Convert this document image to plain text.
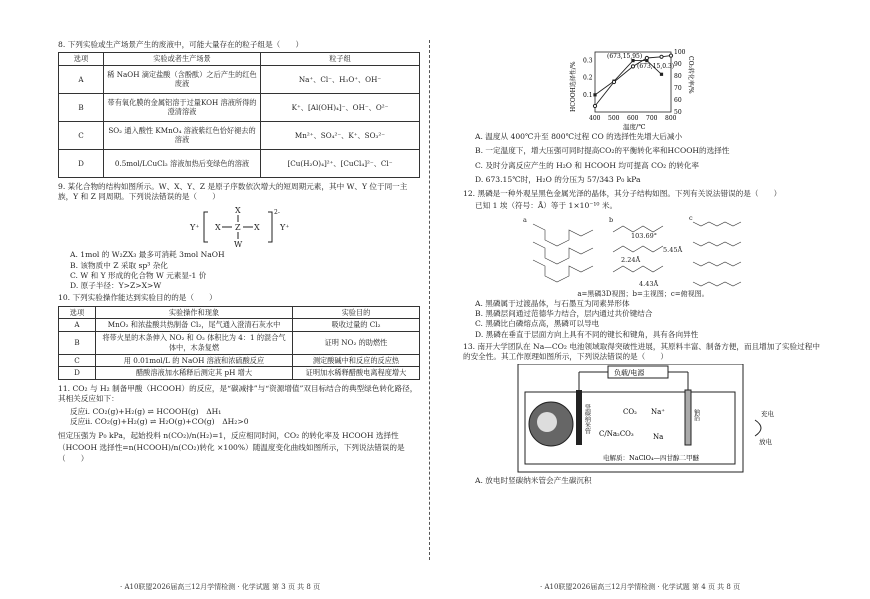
8. 下列实验或生产场景产生的废液中，可能大量存在的粒子组是（　　）
选项	实验或者生产场景	粒子组
A	稀 NaOH 滴定盐酸（含酚酞）之后产生的红色废液	Na⁺、Cl⁻、H₃O⁺、OH⁻
B	带有氧化膜的金属铝溶于过量KOH 溶液所得的澄清溶液	K⁺、[Al(OH)₄]⁻、OH⁻、O²⁻
C	SO₂ 通入酸性 KMnO₄ 溶液紫红色恰好褪去的溶液	Mn²⁺、SO₄²⁻、K⁺、SO₃²⁻
D	0.5mol/LCuCl₂ 溶液加热后变绿色的溶液	[Cu(H₂O)₄]²⁺、[CuCl₄]²⁻、Cl⁻
9. 某化合物的结构如图所示。W、X、Y、Z 是原子序数依次增大的短周期元素，其中 W、Y 位于同一主族，Y 和 Z 同周期。下列说法错误的是（　　）
Y⁺
X
X Z X
W
2-
Y⁺
A. 1mol 的 W₂ZX₃ 最多可消耗 3mol NaOH
B. 该物质中 Z 采取 sp³ 杂化
C. W 和 Y 形成的化合物 W 元素显-1 价
D. 原子半径：Y>Z>X>W
10. 下列实验操作能达到实验目的的是（　　）
选项	实验操作和现象	实验目的
A	MnO₂ 和浓盐酸共热制备 Cl₂，尾气通入澄清石灰水中	吸收过量的 Cl₂
B	将带火星的木条伸入 NO₂ 和 O₂ 体积比为 4：1 的混合气体中，木条复燃	证明 NO₂ 的助燃性
C	用 0.01mol/L 的 NaOH 溶液和浓硫酸反应	测定酸碱中和反应的反应热
D	醋酸溶液加水稀释后测定其 pH 增大	证明加水稀释醋酸电离程度增大
11. CO₂ 与 H₂ 制备甲酸（HCOOH）的反应，是“碳减排”与“资源增值”双目标结合的典型绿色转化路径，其相关反应如下：
反应i. CO₂(g)+H₂(g) ⇌ HCOOH(g)　ΔH₁
反应ii. CO₂(g)+H₂(g) ⇌ H₂O(g)+CO(g)　ΔH₂>0
恒定压强为 P₀ kPa，起始投料 n(CO₂)/n(H₂)=1，反应相同时间，CO₂ 的转化率及 HCOOH 选择性
（HCOOH 选择性=n(HCOOH)/n(CO₂)转化 ×100%）随温度变化曲线如图所示，下列说法错误的是（　　）
400 500 600 700 800
0.1
0.2
0.3
50
60
70
80
90
100
温度/℃
HCOOH选择性/%	CO₂转化率/%
(673,15,95)
(673,15,0.3)
A. 温度从 400℃升至 800℃过程 CO 的选择性先增大后减小
B. 一定温度下，增大压强可同时提高CO₂的平衡转化率和HCOOH的选择性
C. 及时分离反应产生的 H₂O 和 HCOOH 均可提高 CO₂ 的转化率
D. 673.15℃时，H₂O 的分压为 57/343 P₀ kPa
12. 黑磷是一种外观呈黑色金属光泽的晶体，其分子结构如图。下列有关说法错误的是（　　）
已知 1 埃（符号：Å）等于 1×10⁻¹⁰ 米。
a	b	c
103.69°
2.24Å
5.45Å
4.43Å
a=黑磷3D视图；b=主视图；c=俯视图。
A. 黑磷属于过渡晶体，与石墨互为同素异形体
B. 黑磷层间通过范德华力结合，层内通过共价键结合
C. 黑磷比白磷熔点高，黑磷可以导电
D. 黑磷在垂直于层面方向上具有不同的键长和键角，具有各向异性
13. 南开大学团队在 Na—CO₂ 电池领域取得突破性进展，其原料丰富、制备方便，而且增加了实验过程中的安全性。其工作原理如图所示，下列说法错误的是（　　）
负载/电源
竖碳纳米管	CO₂
C/Na₂CO₃
Na⁺
Na
钠箔	充电
放电
电解质：NaClO₄—四甘醇二甲醚
A. 放电时竖碳纳米管会产生碳沉积
· A10联盟2026届高三12月学情检测 · 化学试题 第 3 页 共 8 页	· A10联盟2026届高三12月学情检测 · 化学试题 第 4 页 共 8 页
